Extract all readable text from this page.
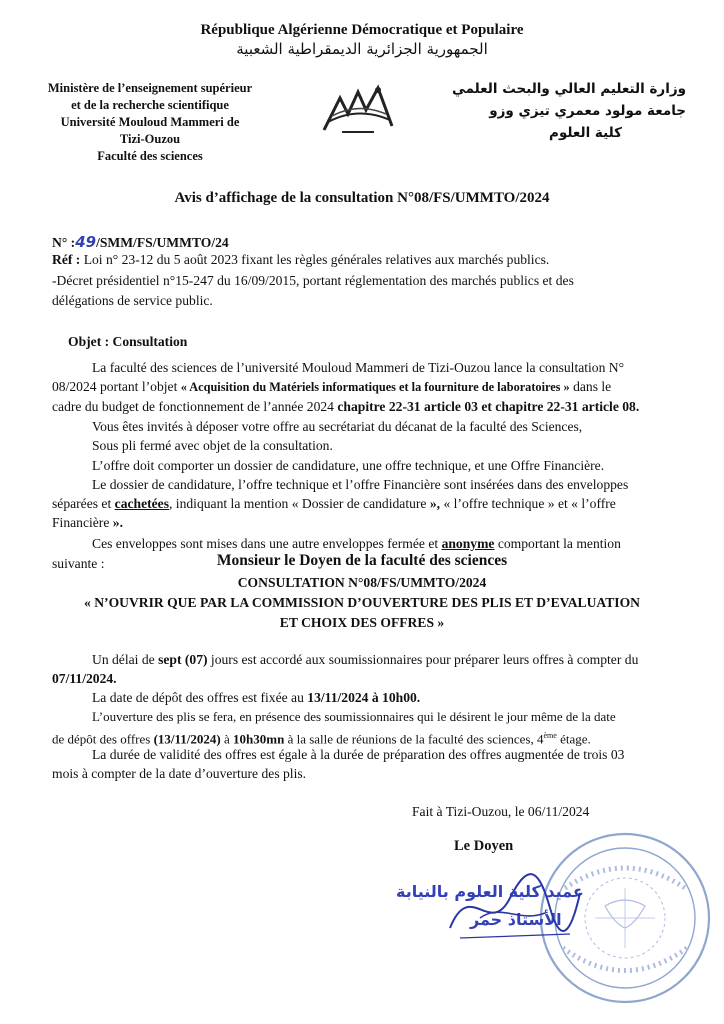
République Algérienne Démocratique et Populaire
الجمهورية الجزائرية الديمقراطية الشعبية
Ministère de l’enseignement supérieur
et de la recherche scientifique
Université Mouloud Mammeri de
Tizi-Ouzou
Faculté des sciences
وزارة التعليم العالي والبحث العلمي
جامعة مولود معمري تيزي وزو
كلية العلوم
Avis d’affichage de la consultation N°08/FS/UMMTO/2024
N° :49/SMM/FS/UMMTO/24
Réf : Loi n° 23-12 du 5 août 2023 fixant les règles générales relatives aux marchés publics.
-Décret présidentiel n°15-247 du 16/09/2015, portant réglementation des marchés publics et des
délégations de service public.
Objet : Consultation
La faculté des sciences de l’université Mouloud Mammeri de Tizi-Ouzou lance la consultation N°
08/2024 portant l’objet « Acquisition du Matériels informatiques et la fourniture de laboratoires » dans le
cadre du budget de fonctionnement de l’année 2024 chapitre 22-31 article 03 et chapitre 22-31 article 08.
Vous êtes invités à déposer votre offre au secrétariat du décanat de la faculté des Sciences,
Sous pli fermé avec objet de la consultation.
L’offre doit comporter un dossier de candidature, une offre technique, et une Offre Financière.
Le dossier de candidature, l’offre technique et l’offre Financière sont insérées dans des enveloppes
séparées et cachetées, indiquant la mention « Dossier de candidature », « l’offre technique » et « l’offre
Financière ».
Ces enveloppes sont mises dans une autre enveloppes fermée et anonyme comportant la mention
suivante :	Monsieur le Doyen de la faculté des sciences
CONSULTATION N°08/FS/UMMTO/2024
« N’OUVRIR QUE PAR LA COMMISSION D’OUVERTURE DES PLIS ET D’EVALUATION
ET CHOIX DES OFFRES »
Un délai de sept (07) jours est accordé aux soumissionnaires pour préparer leurs offres à compter du
07/11/2024.
La date de dépôt des offres est fixée au 13/11/2024 à 10h00.
L’ouverture des plis se fera, en présence des soumissionnaires qui le désirent le jour même de la date
de dépôt des offres (13/11/2024) à 10h30mn à la salle de réunions de la faculté des sciences, 4ème étage.
La durée de validité des offres est égale à la durée de préparation des offres augmentée de trois 03
mois à compter de la date d’ouverture des plis.
Fait à Tizi-Ouzou, le 06/11/2024
Le Doyen
عميد كلية العلوم بالنيابة
الأستاذ حمر
